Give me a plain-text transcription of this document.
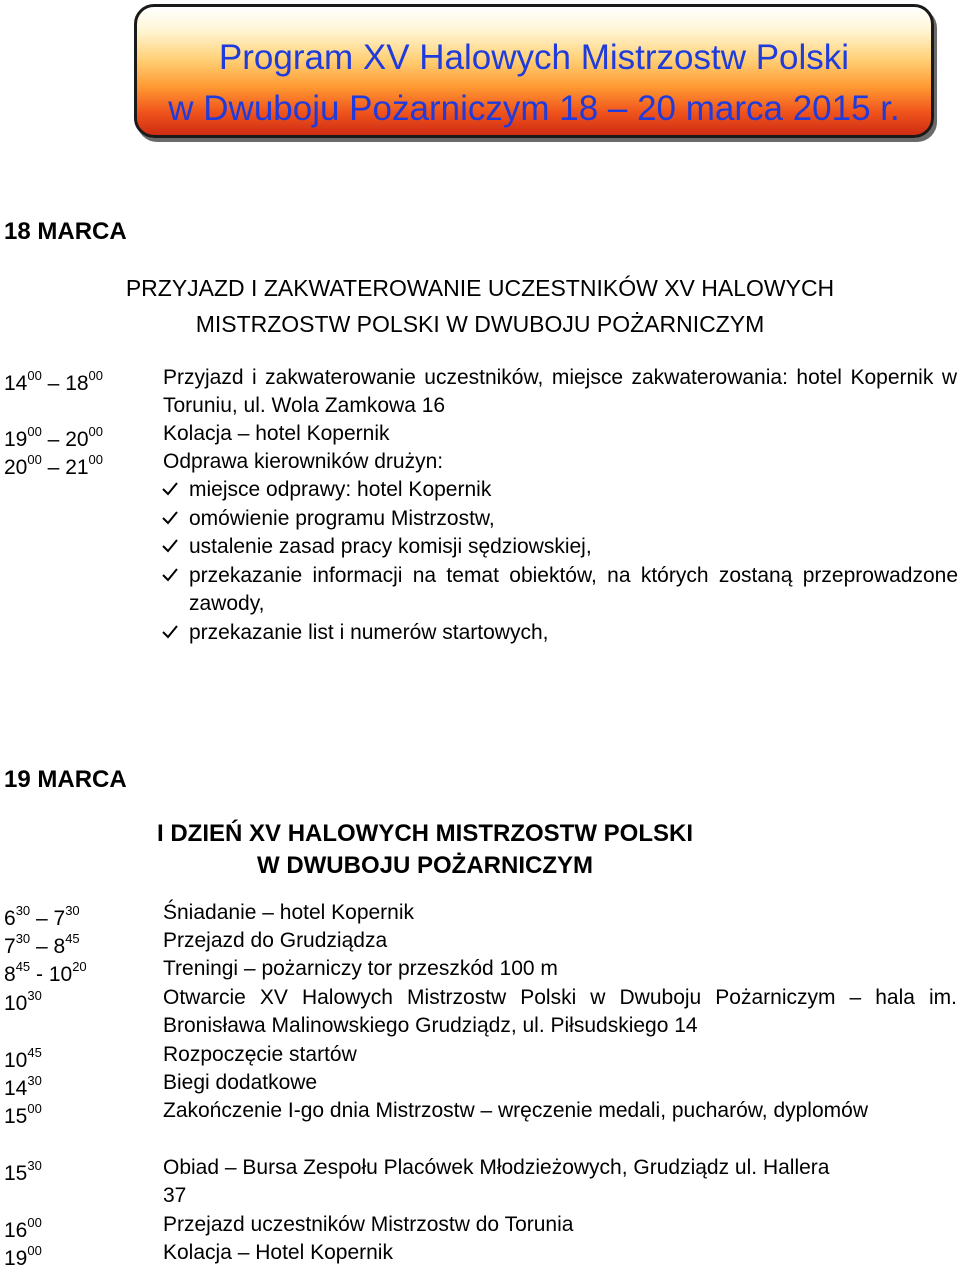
Program XV Halowych Mistrzostw Polski
w Dwuboju Pożarniczym 18 – 20 marca 2015 r.
18 MARCA
PRZYJAZD I ZAKWATEROWANIE UCZESTNIKÓW XV HALOWYCH
MISTRZOSTW POLSKI W DWUBOJU POŻARNICZYM
$14^{00} - 18^{00}$	Przyjazd i zakwaterowanie uczestników, miejsce zakwaterowania: hotel Kopernik w Toruniu, ul. Wola Zamkowa 16
$19^{00} - 20^{00}$	Kolacja – hotel Kopernik
$20^{00} - 21^{00}$	Odprawa kierowników drużyn:
miejsce odprawy: hotel Kopernik
omówienie programu Mistrzostw,
ustalenie zasad pracy komisji sędziowskiej,
przekazanie informacji na temat obiektów, na których zostaną przeprowadzone zawody,
przekazanie list i numerów startowych,
19 MARCA
I DZIEŃ XV HALOWYCH MISTRZOSTW POLSKI
W DWUBOJU POŻARNICZYM
$6^{30} - 7^{30}$	Śniadanie – hotel Kopernik
$7^{30} - 8^{45}$	Przejazd do Grudziądza
$8^{45} - 10^{20}$	Treningi – pożarniczy tor przeszkód 100 m
$10^{30}$	Otwarcie XV Halowych Mistrzostw Polski w Dwuboju Pożarniczym – hala im. Bronisława Malinowskiego Grudziądz, ul. Piłsudskiego 14
$10^{45}$	Rozpoczęcie startów
$14^{30}$	Biegi dodatkowe
$15^{00}$	Zakończenie I-go dnia Mistrzostw – wręczenie medali, pucharów, dyplomów
$15^{30}$	Obiad – Bursa Zespołu Placówek Młodzieżowych, Grudziądz ul. Hallera 37
$16^{00}$	Przejazd uczestników Mistrzostw do Torunia
$19^{00}$	Kolacja – Hotel Kopernik
